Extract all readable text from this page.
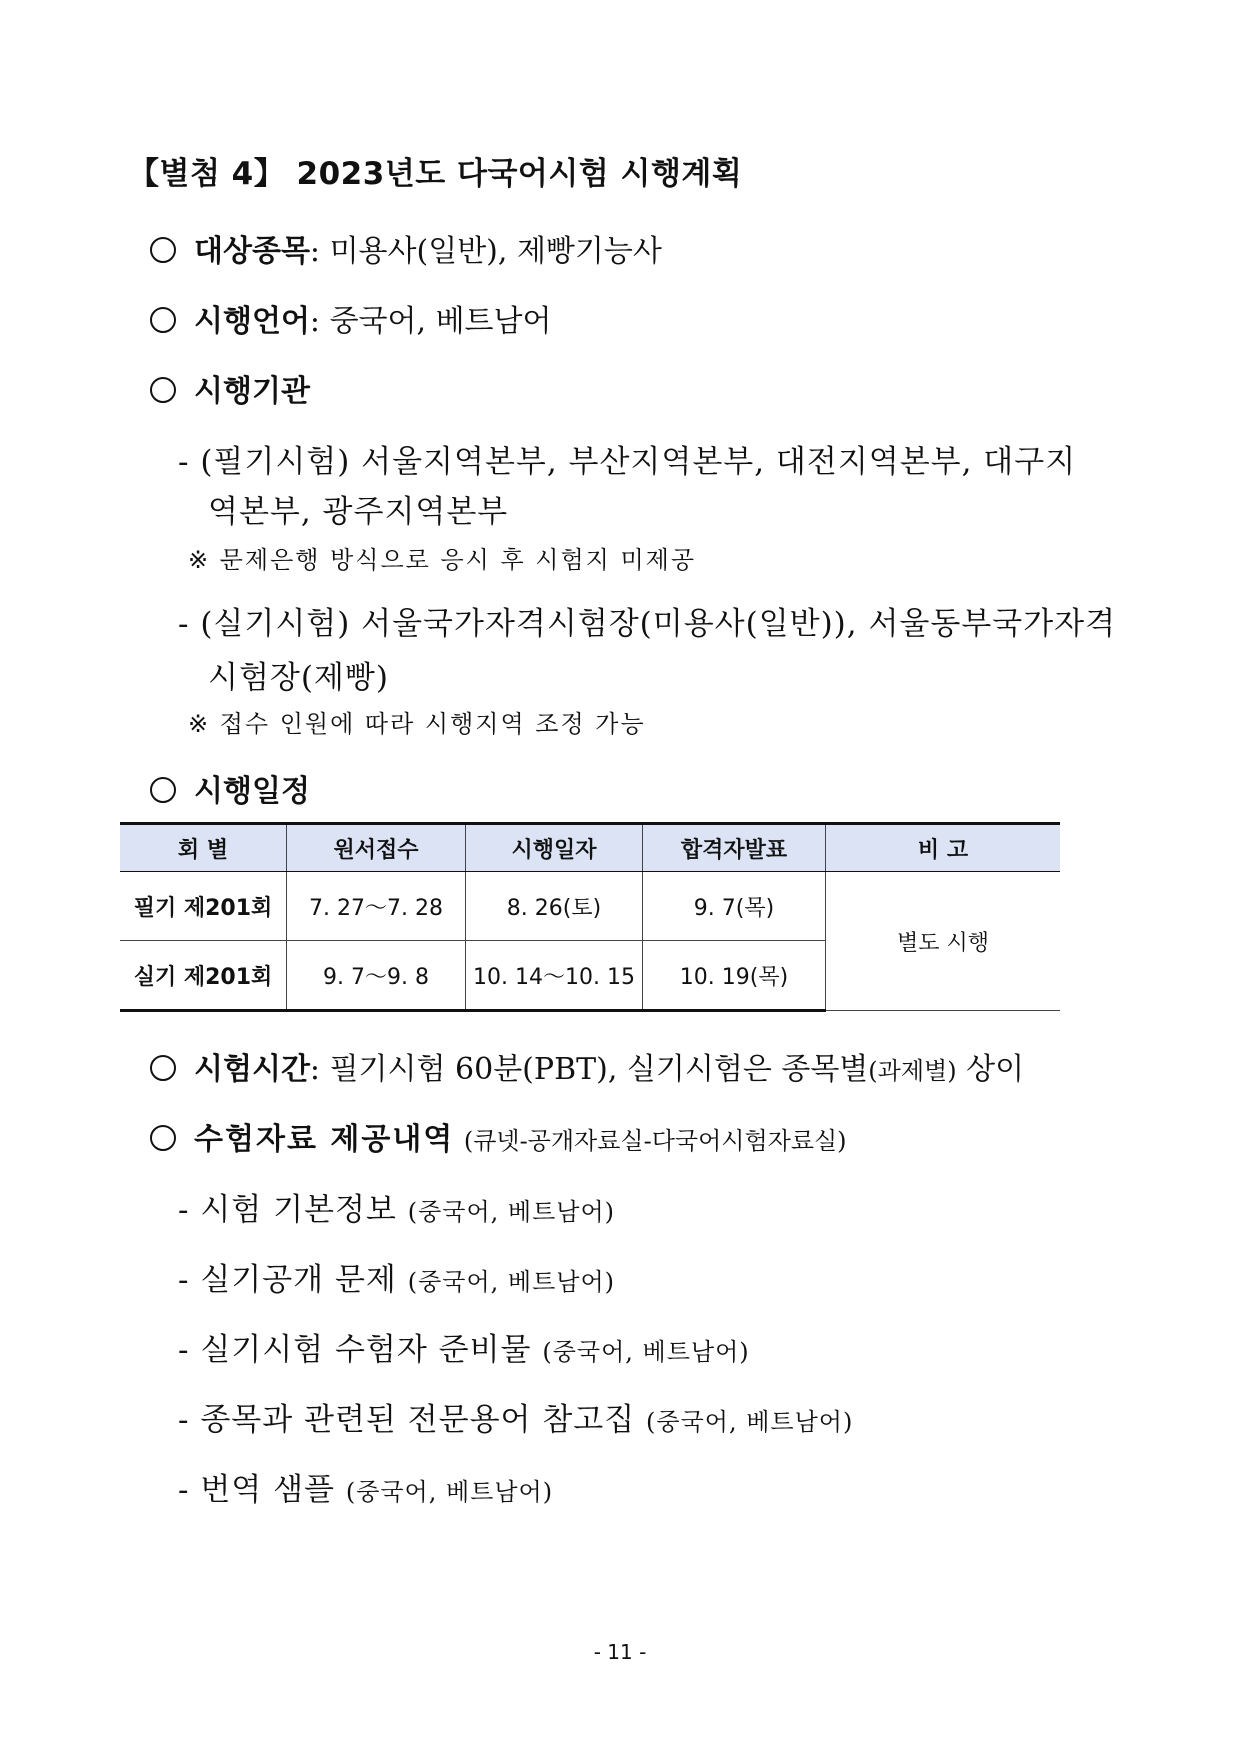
【별첨 4】 2023년도 다국어시험 시행계획
대상종목: 미용사(일반), 제빵기능사
시행언어: 중국어, 베트남어
시행기관
- (필기시험) 서울지역본부, 부산지역본부, 대전지역본부, 대구지
역본부, 광주지역본부
※ 문제은행 방식으로 응시 후 시험지 미제공
- (실기시험) 서울국가자격시험장(미용사(일반)), 서울동부국가자격
시험장(제빵)
※ 접수 인원에 따라 시행지역 조정 가능
시행일정
회 별	원서접수	시행일자	합격자발표	비 고
필기 제201회	7. 27～7. 28	8. 26(토)	9. 7(목)	별도 시행
실기 제201회	9. 7～9. 8	10. 14～10. 15	10. 19(목)	
시험시간: 필기시험 60분(PBT), 실기시험은 종목별(과제별) 상이
수험자료 제공내역 (큐넷-공개자료실-다국어시험자료실)
- 시험 기본정보 (중국어, 베트남어)
- 실기공개 문제 (중국어, 베트남어)
- 실기시험 수험자 준비물 (중국어, 베트남어)
- 종목과 관련된 전문용어 참고집 (중국어, 베트남어)
- 번역 샘플 (중국어, 베트남어)
- 11 -
